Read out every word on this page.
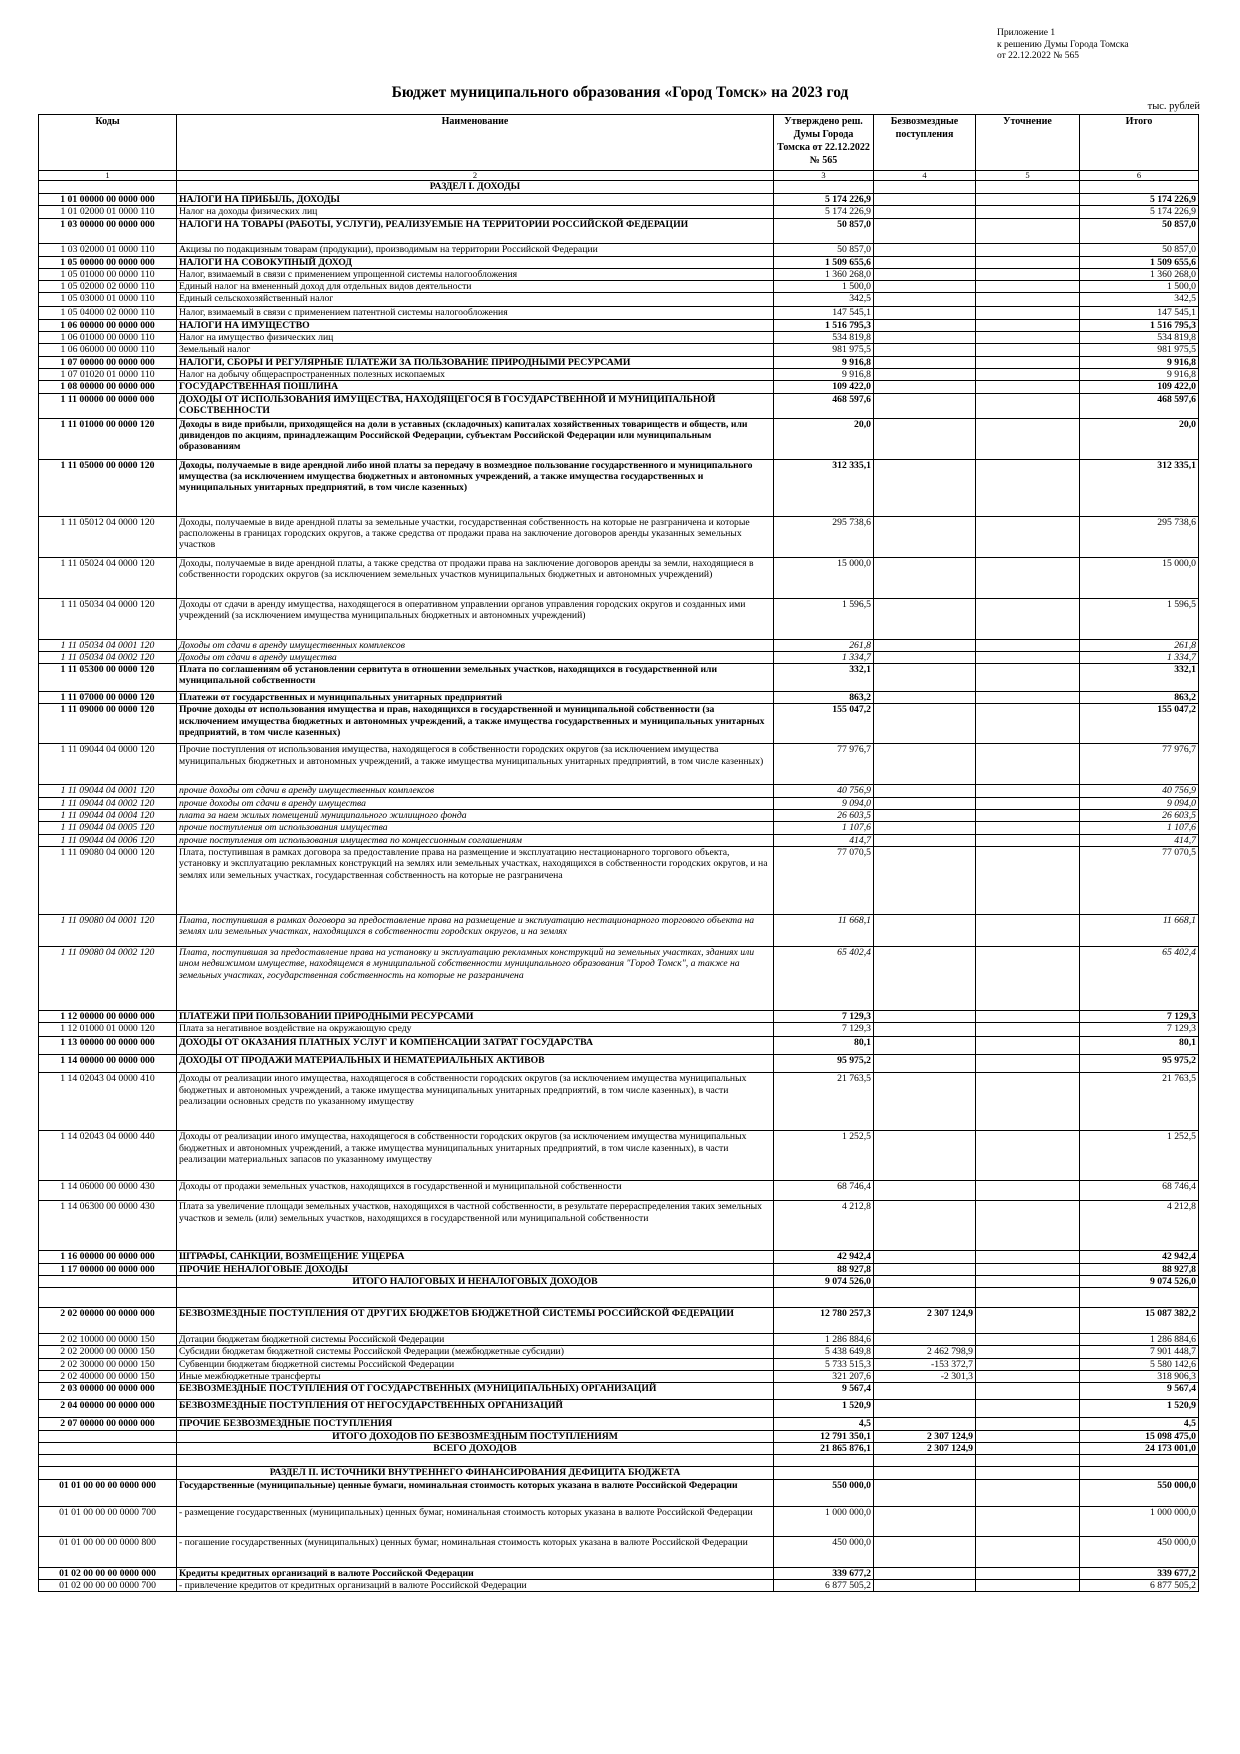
Приложение 1
к решению Думы Города Томска
от 22.12.2022 № 565
Бюджет муниципального образования «Город Томск» на 2023 год
тыс. рублей
Коды	Наименование	Утверждено реш. Думы Города Томска от 22.12.2022 № 565	Безвозмездные поступления	Уточнение	Итого
1	2	3	4	5	6
	РАЗДЕЛ I. ДОХОДЫ				
1 01 00000 00 0000 000	НАЛОГИ НА ПРИБЫЛЬ, ДОХОДЫ	5 174 226,9			5 174 226,9
1 01 02000 01 0000 110	Налог на доходы физических лиц	5 174 226,9			5 174 226,9
1 03 00000 00 0000 000	НАЛОГИ НА ТОВАРЫ (РАБОТЫ, УСЛУГИ), РЕАЛИЗУЕМЫЕ НА ТЕРРИТОРИИ РОССИЙСКОЙ ФЕДЕРАЦИИ	50 857,0			50 857,0
1 03 02000 01 0000 110	Акцизы по подакцизным товарам (продукции), производимым на территории Российской Федерации	50 857,0			50 857,0
1 05 00000 00 0000 000	НАЛОГИ НА СОВОКУПНЫЙ ДОХОД	1 509 655,6			1 509 655,6
1 05 01000 00 0000 110	Налог, взимаемый в связи с применением упрощенной системы налогообложения	1 360 268,0			1 360 268,0
1 05 02000 02 0000 110	Единый налог на вмененный доход для отдельных видов деятельности	1 500,0			1 500,0
1 05 03000 01 0000 110	Единый сельскохозяйственный налог	342,5			342,5
1 05 04000 02 0000 110	Налог, взимаемый в связи с применением патентной системы налогообложения	147 545,1			147 545,1
1 06 00000 00 0000 000	НАЛОГИ НА ИМУЩЕСТВО	1 516 795,3			1 516 795,3
1 06 01000 00 0000 110	Налог на имущество физических лиц	534 819,8			534 819,8
1 06 06000 00 0000 110	Земельный налог	981 975,5			981 975,5
1 07 00000 00 0000 000	НАЛОГИ, СБОРЫ И РЕГУЛЯРНЫЕ ПЛАТЕЖИ ЗА ПОЛЬЗОВАНИЕ ПРИРОДНЫМИ РЕСУРСАМИ	9 916,8			9 916,8
1 07 01020 01 0000 110	Налог на добычу общераспространенных полезных ископаемых	9 916,8			9 916,8
1 08 00000 00 0000 000	ГОСУДАРСТВЕННАЯ ПОШЛИНА	109 422,0			109 422,0
1 11 00000 00 0000 000	ДОХОДЫ ОТ ИСПОЛЬЗОВАНИЯ ИМУЩЕСТВА, НАХОДЯЩЕГОСЯ В ГОСУДАРСТВЕННОЙ И МУНИЦИПАЛЬНОЙ СОБСТВЕННОСТИ	468 597,6			468 597,6
1 11 01000 00 0000 120	Доходы в виде прибыли, приходящейся на доли в уставных (складочных) капиталах хозяйственных товариществ и обществ, или дивидендов по акциям, принадлежащим Российской Федерации, субъектам Российской Федерации или муниципальным образованиям	20,0			20,0
1 11 05000 00 0000 120	Доходы, получаемые в виде арендной либо иной платы за передачу в возмездное пользование государственного и муниципального имущества (за исключением имущества бюджетных и автономных учреждений, а также имущества государственных и муниципальных унитарных предприятий, в том числе казенных)	312 335,1			312 335,1
1 11 05012 04 0000 120	Доходы, получаемые в виде арендной платы за земельные участки, государственная собственность на которые не разграничена и которые расположены в границах городских округов, а также средства от продажи права на заключение договоров аренды указанных земельных участков	295 738,6			295 738,6
1 11 05024 04 0000 120	Доходы, получаемые в виде арендной платы, а также средства от продажи права на заключение договоров аренды за земли, находящиеся в собственности городских округов (за исключением земельных участков муниципальных бюджетных и автономных учреждений)	15 000,0			15 000,0
1 11 05034 04 0000 120	Доходы от сдачи в аренду имущества, находящегося в оперативном управлении органов управления городских округов и созданных ими учреждений (за исключением имущества муниципальных бюджетных и автономных учреждений)	1 596,5			1 596,5
1 11 05034 04 0001 120	Доходы от сдачи в аренду имущественных комплексов	261,8			261,8
1 11 05034 04 0002 120	Доходы от сдачи в аренду имущества	1 334,7			1 334,7
1 11 05300 00 0000 120	Плата по соглашениям об установлении сервитута в отношении земельных участков, находящихся в государственной или муниципальной собственности	332,1			332,1
1 11 07000 00 0000 120	Платежи от государственных и муниципальных унитарных предприятий	863,2			863,2
1 11 09000 00 0000 120	Прочие доходы от использования имущества и прав, находящихся в государственной и муниципальной собственности (за исключением имущества бюджетных и автономных учреждений, а также имущества государственных и муниципальных унитарных предприятий, в том числе казенных)	155 047,2			155 047,2
1 11 09044 04 0000 120	Прочие поступления от использования имущества, находящегося в собственности городских округов (за исключением имущества муниципальных бюджетных и автономных учреждений, а также имущества муниципальных унитарных предприятий, в том числе казенных)	77 976,7			77 976,7
1 11 09044 04 0001 120	прочие доходы от сдачи в аренду имущественных комплексов	40 756,9			40 756,9
1 11 09044 04 0002 120	прочие доходы от сдачи в аренду имущества	9 094,0			9 094,0
1 11 09044 04 0004 120	плата за наем жилых помещений муниципального жилищного фонда	26 603,5			26 603,5
1 11 09044 04 0005 120	прочие поступления от использования имущества	1 107,6			1 107,6
1 11 09044 04 0006 120	прочие поступления от использования имущества по концессионным соглашениям	414,7			414,7
1 11 09080 04 0000 120	Плата, поступившая в рамках договора за предоставление права на размещение и эксплуатацию нестационарного торгового объекта, установку и эксплуатацию рекламных конструкций на землях или земельных участках, находящихся в собственности городских округов, и на землях или земельных участках, государственная собственность на которые не разграничена	77 070,5			77 070,5
1 11 09080 04 0001 120	Плата, поступившая в рамках договора за предоставление права на размещение и эксплуатацию нестационарного торгового объекта на землях или земельных участках, находящихся в собственности городских округов, и на землях	11 668,1			11 668,1
1 11 09080 04 0002 120	Плата, поступившая за предоставление права на установку и эксплуатацию рекламных конструкций на земельных участках, зданиях или ином недвижимом имуществе, находящемся в муниципальной собственности муниципального образования "Город Томск", а также на земельных участках, государственная собственность на которые не разграничена	65 402,4			65 402,4
1 12 00000 00 0000 000	ПЛАТЕЖИ ПРИ ПОЛЬЗОВАНИИ ПРИРОДНЫМИ РЕСУРСАМИ	7 129,3			7 129,3
1 12 01000 01 0000 120	Плата за негативное воздействие на окружающую среду	7 129,3			7 129,3
1 13 00000 00 0000 000	ДОХОДЫ ОТ ОКАЗАНИЯ ПЛАТНЫХ УСЛУГ И КОМПЕНСАЦИИ ЗАТРАТ ГОСУДАРСТВА	80,1			80,1
1 14 00000 00 0000 000	ДОХОДЫ ОТ ПРОДАЖИ МАТЕРИАЛЬНЫХ И НЕМАТЕРИАЛЬНЫХ АКТИВОВ	95 975,2			95 975,2
1 14 02043 04 0000 410	Доходы от реализации иного имущества, находящегося в собственности городских округов (за исключением имущества муниципальных бюджетных и автономных учреждений, а также имущества муниципальных унитарных предприятий, в том числе казенных), в части реализации основных средств по указанному имуществу	21 763,5			21 763,5
1 14 02043 04 0000 440	Доходы от реализации иного имущества, находящегося в собственности городских округов (за исключением имущества муниципальных бюджетных и автономных учреждений, а также имущества муниципальных унитарных предприятий, в том числе казенных), в части реализации материальных запасов по указанному имуществу	1 252,5			1 252,5
1 14 06000 00 0000 430	Доходы от продажи земельных участков, находящихся в государственной и муниципальной собственности	68 746,4			68 746,4
1 14 06300 00 0000 430	Плата за увеличение площади земельных участков, находящихся в частной собственности, в результате перераспределения таких земельных участков и земель (или) земельных участков, находящихся в государственной или муниципальной собственности	4 212,8			4 212,8
1 16 00000 00 0000 000	ШТРАФЫ, САНКЦИИ, ВОЗМЕЩЕНИЕ УЩЕРБА	42 942,4			42 942,4
1 17 00000 00 0000 000	ПРОЧИЕ НЕНАЛОГОВЫЕ ДОХОДЫ	88 927,8			88 927,8
	ИТОГО НАЛОГОВЫХ И НЕНАЛОГОВЫХ ДОХОДОВ	9 074 526,0			9 074 526,0

2 02 00000 00 0000 000	БЕЗВОЗМЕЗДНЫЕ ПОСТУПЛЕНИЯ ОТ ДРУГИХ БЮДЖЕТОВ БЮДЖЕТНОЙ СИСТЕМЫ РОССИЙСКОЙ ФЕДЕРАЦИИ	12 780 257,3	2 307 124,9		15 087 382,2
2 02 10000 00 0000 150	Дотации бюджетам бюджетной системы Российской Федерации	1 286 884,6			1 286 884,6
2 02 20000 00 0000 150	Субсидии бюджетам бюджетной системы Российской Федерации (межбюджетные субсидии)	5 438 649,8	2 462 798,9		7 901 448,7
2 02 30000 00 0000 150	Субвенции бюджетам бюджетной системы Российской Федерации	5 733 515,3	-153 372,7		5 580 142,6
2 02 40000 00 0000 150	Иные межбюджетные трансферты	321 207,6	-2 301,3		318 906,3
2 03 00000 00 0000 000	БЕЗВОЗМЕЗДНЫЕ ПОСТУПЛЕНИЯ ОТ ГОСУДАРСТВЕННЫХ (МУНИЦИПАЛЬНЫХ) ОРГАНИЗАЦИЙ	9 567,4			9 567,4
2 04 00000 00 0000 000	БЕЗВОЗМЕЗДНЫЕ ПОСТУПЛЕНИЯ ОТ НЕГОСУДАРСТВЕННЫХ ОРГАНИЗАЦИЙ	1 520,9			1 520,9
2 07 00000 00 0000 000	ПРОЧИЕ БЕЗВОЗМЕЗДНЫЕ ПОСТУПЛЕНИЯ	4,5			4,5
	ИТОГО ДОХОДОВ ПО БЕЗВОЗМЕЗДНЫМ ПОСТУПЛЕНИЯМ	12 791 350,1	2 307 124,9		15 098 475,0
	ВСЕГО ДОХОДОВ	21 865 876,1	2 307 124,9		24 173 001,0

	РАЗДЕЛ II. ИСТОЧНИКИ ВНУТРЕННЕГО ФИНАНСИРОВАНИЯ ДЕФИЦИТА БЮДЖЕТА				
01 01 00 00 00 0000 000	Государственные (муниципальные) ценные бумаги, номинальная стоимость которых указана в валюте Российской Федерации	550 000,0			550 000,0
01 01 00 00 00 0000 700	- размещение государственных (муниципальных) ценных бумаг, номинальная стоимость которых указана в валюте Российской Федерации	1 000 000,0			1 000 000,0
01 01 00 00 00 0000 800	- погашение государственных (муниципальных) ценных бумаг, номинальная стоимость которых указана в валюте Российской Федерации	450 000,0			450 000,0
01 02 00 00 00 0000 000	Кредиты кредитных организаций в валюте Российской Федерации	339 677,2			339 677,2
01 02 00 00 00 0000 700	- привлечение кредитов от кредитных организаций в валюте Российской Федерации	6 877 505,2			6 877 505,2
